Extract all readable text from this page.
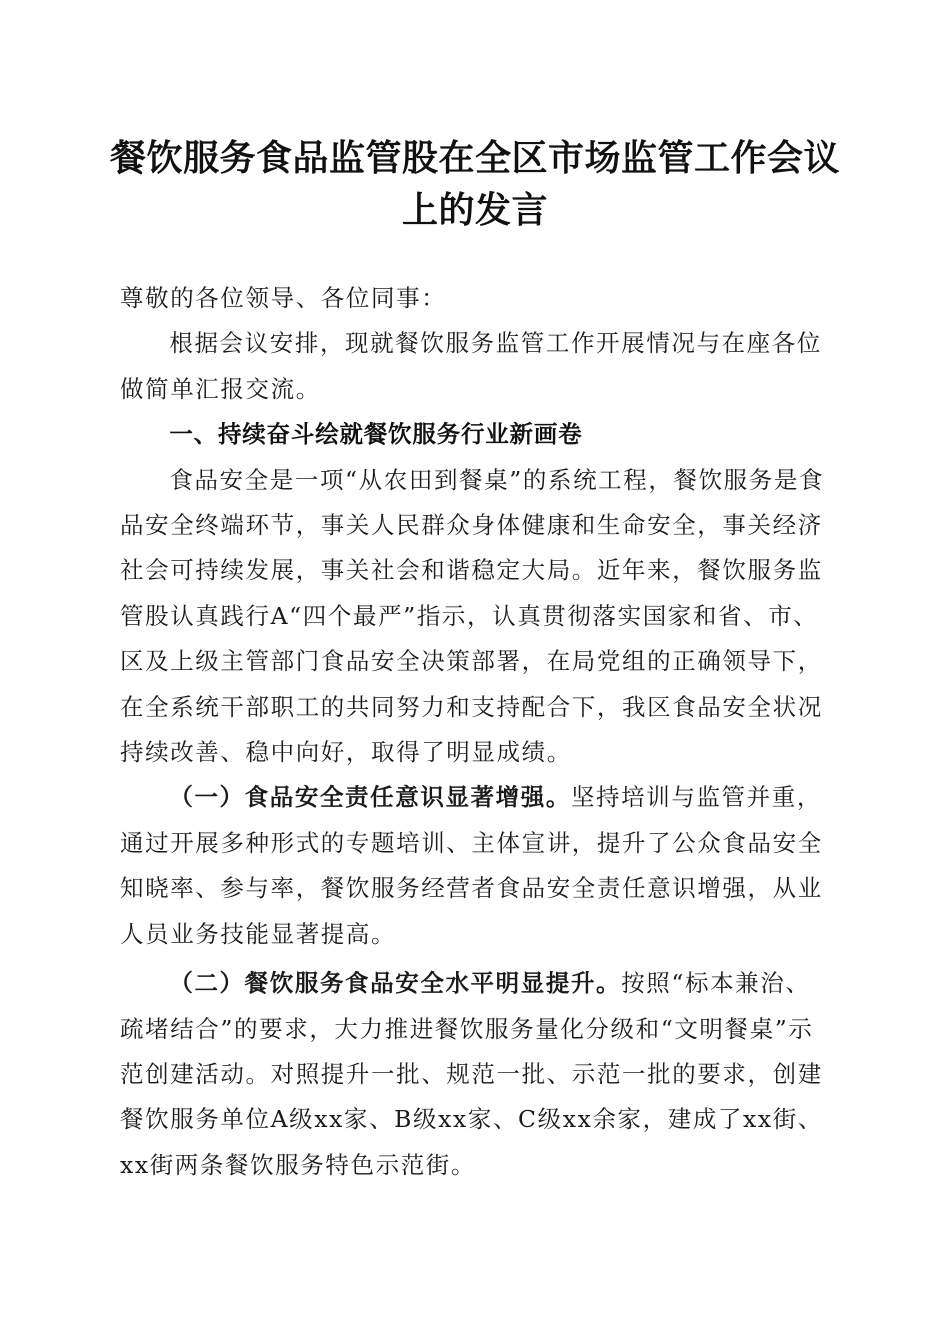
餐饮服务食品监管股在全区市场监管工作会议
上的发言

尊敬的各位领导、各位同事：

根据会议安排，现就餐饮服务监管工作开展情况与在座各位做简单汇报交流。

一、持续奋斗绘就餐饮服务行业新画卷

食品安全是一项“从农田到餐桌”的系统工程，餐饮服务是食品安全终端环节，事关人民群众身体健康和生命安全，事关经济社会可持续发展，事关社会和谐稳定大局。近年来，餐饮服务监管股认真践行A“四个最严”指示，认真贯彻落实国家和省、市、区及上级主管部门食品安全决策部署，在局党组的正确领导下，在全系统干部职工的共同努力和支持配合下，我区食品安全状况持续改善、稳中向好，取得了明显成绩。

（一）食品安全责任意识显著增强。坚持培训与监管并重，通过开展多种形式的专题培训、主体宣讲，提升了公众食品安全知晓率、参与率，餐饮服务经营者食品安全责任意识增强，从业人员业务技能显著提高。

（二）餐饮服务食品安全水平明显提升。按照“标本兼治、疏堵结合”的要求，大力推进餐饮服务量化分级和“文明餐桌”示范创建活动。对照提升一批、规范一批、示范一批的要求，创建餐饮服务单位A级xx家、B级xx家、C级xx余家，建成了xx街、xx街两条餐饮服务特色示范街。
